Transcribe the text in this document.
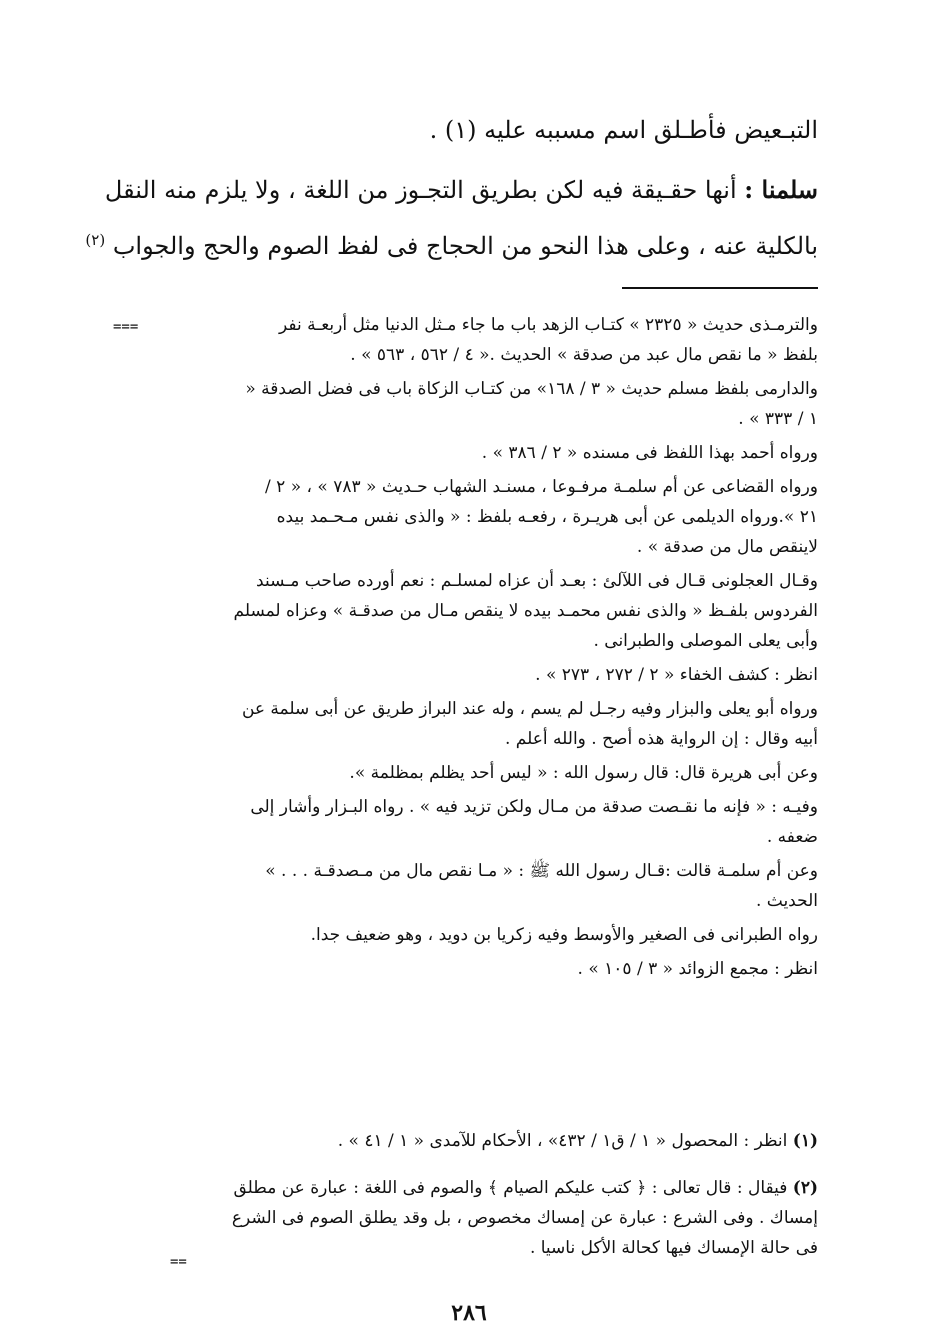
التبـعيض فأطـلق اسم مسببه عليه (١) .
سلمنا : أنها حقـيقة فيه لكن بطريق التجـوز من اللغة ، ولا يلزم منه النقل
بالكلية عنه ، وعلى هذا النحو من الحجاج فى لفظ الصوم والحج والجواب $^{(٢)}$
===	والترمـذى حديث « ٢٣٢٥ » كتـاب الزهد باب ما جاء مـثل الدنيا مثل أربعـة نفر
بلفظ « ما نقص مال عبد من صدقة » الحديث .« ٤ / ٥٦٢ ، ٥٦٣ » .
والدارمى بلفظ مسلم حديث « ٣ / ١٦٨» من كتـاب الزكاة باب فى فضل الصدقة «
١ / ٣٣٣ » .
ورواه أحمد بهذا اللفظ فى مسنده « ٢ / ٣٨٦ » .
ورواه القضاعى عن أم سلمـة مرفـوعا ، مسنـد الشهاب حـديث « ٧٨٣ » ، « ٢ /
٢١ ».ورواه الديلمى عن أبى هريـرة ، رفعـه بلفظ : « والذى نفس مـحـمد بيده
لاينقص مال من صدقة » .
وقـال العجلونى قـال فى اللآلئ : بعـد أن عزاه لمسلـم : نعم أورده صاحب مـسند
الفردوس بلفـظ « والذى نفس محمـد بيده لا ينقص مـال من صدقـة » وعزاه لمسلم
وأبى يعلى الموصلى والطبرانى .
انظر : كشف الخفاء « ٢ / ٢٧٢ ، ٢٧٣ » .
ورواه أبو يعلى والبزار وفيه رجـل لم يسم ، وله عند البراز طريق عن أبى سلمة عن
أبيه وقال : إن الرواية هذه أصح . والله أعلم .
وعن أبى هريرة قال: قال رسول الله : « ليس أحد يظلم بمظلمة ».
وفيـه : « فإنه ما نقـصت صدقة من مـال ولكن تزيد فيه » . رواه البـزار وأشار إلى
ضعفه .
وعن أم سلمـة قالت :قـال رسول الله ﷺ : « مـا نقص مال من مـصدقـة . . . »
الحديث .
رواه الطبرانى فى الصغير والأوسط وفيه زكريا بن دويد ، وهو ضعيف جدا.
انظر : مجمع الزوائد « ٣ / ١٠٥ » .
(١) انظر : المحصول « ١ / ق١ / ٤٣٢» ، الأحكام للآمدى « ١ / ٤١ » .
(٢) فيقال : قال تعالى : ﴿ كتب عليكم الصيام ﴾ والصوم فى اللغة : عبارة عن مطلق
إمساك . وفى الشرع : عبارة عن إمساك مخصوص ، بل وقد يطلق الصوم فى الشرع
فى حالة الإمساك فيها كحالة الأكل ناسيا .
==
٢٨٦
